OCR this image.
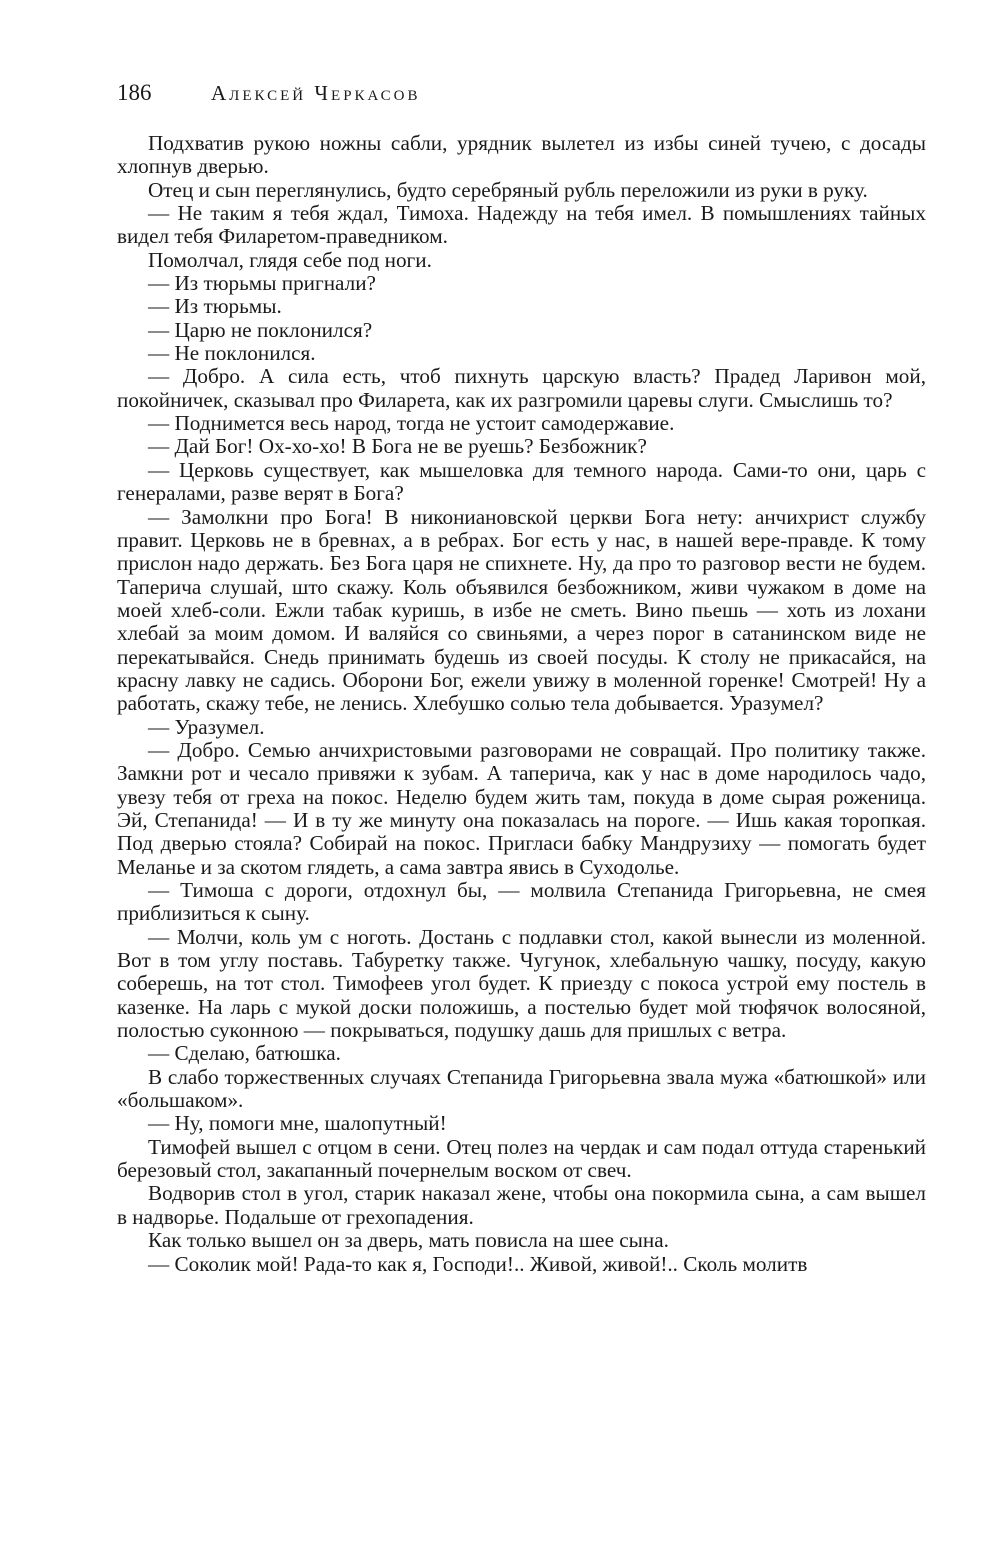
186	Алексей Черкасов

Подхватив рукою ножны сабли, урядник вылетел из избы синей тучею, с досады хлопнув дверью.

Отец и сын переглянулись, будто серебряный рубль переложили из руки в руку.

— Не таким я тебя ждал, Тимоха. Надежду на тебя имел. В помышлениях тайных видел тебя Филаретом-праведником.

Помолчал, глядя себе под ноги.

— Из тюрьмы пригнали?

— Из тюрьмы.

— Царю не поклонился?

— Не поклонился.

— Добро. А сила есть, чтоб пихнуть царскую власть? Прадед Ларивон мой, покойничек, сказывал про Филарета, как их разгромили царевы слуги. Смыслишь то?

— Поднимется весь народ, тогда не устоит самодержавие.

— Дай Бог! Ох-хо-хо! В Бога не ве руешь? Безбожник?

— Церковь существует, как мышеловка для темного народа. Сами-то они, царь с генералами, разве верят в Бога?

— Замолкни про Бога! В никониановской церкви Бога нету: анчихрист службу правит. Церковь не в бревнах, а в ребрах. Бог есть у нас, в нашей вере-правде. К тому прислон надо держать. Без Бога царя не спихнете. Ну, да про то разговор вести не будем. Таперича слушай, што скажу. Коль объявился безбожником, живи чужаком в доме на моей хлеб-соли. Ежли табак куришь, в избе не сметь. Вино пьешь — хоть из лохани хлебай за моим домом. И валяйся со свиньями, а через порог в сатанинском виде не перекатывайся. Снедь принимать будешь из своей посуды. К столу не прикасайся, на красну лавку не садись. Оборони Бог, ежели увижу в моленной горенке! Смотрей! Ну а работать, скажу тебе, не ленись. Хлебушко солью тела добывается. Уразумел?

— Уразумел.

— Добро. Семью анчихристовыми разговорами не совращай. Про политику также. Замкни рот и чесало привяжи к зубам. А таперича, как у нас в доме народилось чадо, увезу тебя от греха на покос. Неделю будем жить там, покуда в доме сырая роженица. Эй, Степанида! — И в ту же минуту она показалась на пороге. — Ишь какая торопкая. Под дверью стояла? Собирай на покос. Пригласи бабку Мандрузиху — помогать будет Меланье и за скотом глядеть, а сама завтра явись в Суходолье.

— Тимоша с дороги, отдохнул бы, — молвила Степанида Григорьевна, не смея приблизиться к сыну.

— Молчи, коль ум с ноготь. Достань с подлавки стол, какой вынесли из моленной. Вот в том углу поставь. Табуретку также. Чугунок, хлебальную чашку, посуду, какую соберешь, на тот стол. Тимофеев угол будет. К приезду с покоса устрой ему постель в казенке. На ларь с мукой доски положишь, а постелью будет мой тюфячок волосяной, полостью суконною — покрываться, подушку дашь для пришлых с ветра.

— Сделаю, батюшка.

В слабо торжественных случаях Степанида Григорьевна звала мужа «батюшкой» или «большаком».

— Ну, помоги мне, шалопутный!

Тимофей вышел с отцом в сени. Отец полез на чердак и сам подал оттуда старенький березовый стол, закапанный почернелым воском от свеч.

Водворив стол в угол, старик наказал жене, чтобы она покормила сына, а сам вышел в надворье. Подальше от грехопадения.

Как только вышел он за дверь, мать повисла на шее сына.

— Соколик мой! Рада-то как я, Господи!.. Живой, живой!.. Сколь молитв
